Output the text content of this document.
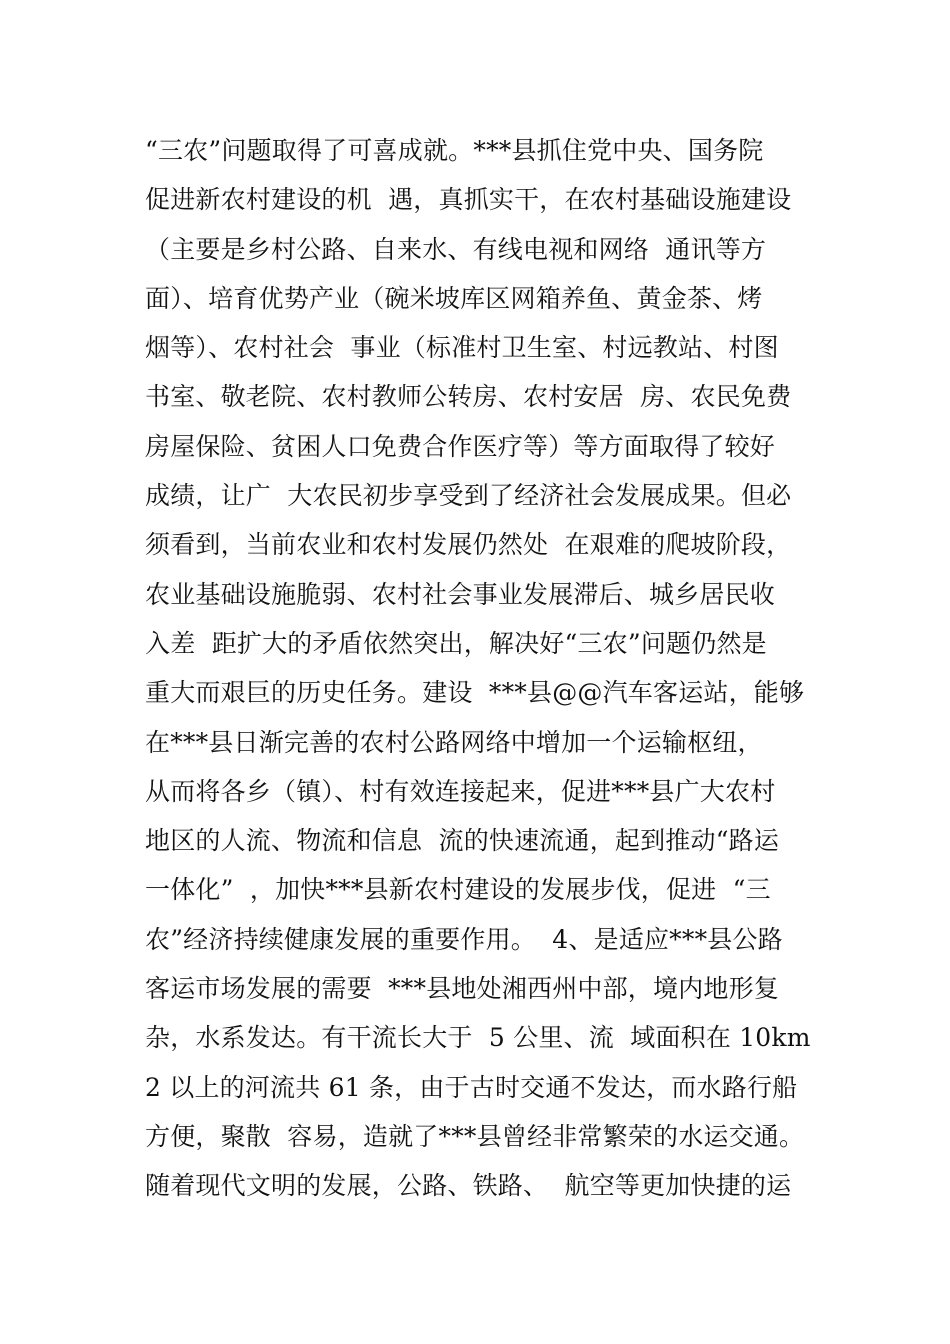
“三农”问题取得了可喜成就。***县抓住党中央、国务院
促进新农村建设的机  遇，真抓实干，在农村基础设施建设
（主要是乡村公路、自来水、有线电视和网络  通讯等方
面）、培育优势产业（碗米坡库区网箱养鱼、黄金茶、烤
烟等）、农村社会  事业（标准村卫生室、村远教站、村图
书室、敬老院、农村教师公转房、农村安居  房、农民免费
房屋保险、贫困人口免费合作医疗等）等方面取得了较好
成绩，让广  大农民初步享受到了经济社会发展成果。但必
须看到，当前农业和农村发展仍然处  在艰难的爬坡阶段，
农业基础设施脆弱、农村社会事业发展滞后、城乡居民收
入差  距扩大的矛盾依然突出，解决好“三农”问题仍然是
重大而艰巨的历史任务。建设  ***县@@汽车客运站，能够
在***县日渐完善的农村公路网络中增加一个运输枢纽，
从而将各乡（镇）、村有效连接起来，促进***县广大农村
地区的人流、物流和信息  流的快速流通，起到推动“路运
一体化”  ，加快***县新农村建设的发展步伐，促进  “三
农”经济持续健康发展的重要作用。  4、是适应***县公路
客运市场发展的需要  ***县地处湘西州中部，境内地形复
杂，水系发达。有干流长大于  5 公里、流  域面积在 10km
2 以上的河流共 61 条，由于古时交通不发达，而水路行船
方便，聚散  容易，造就了***县曾经非常繁荣的水运交通。
随着现代文明的发展，公路、铁路、  航空等更加快捷的运
